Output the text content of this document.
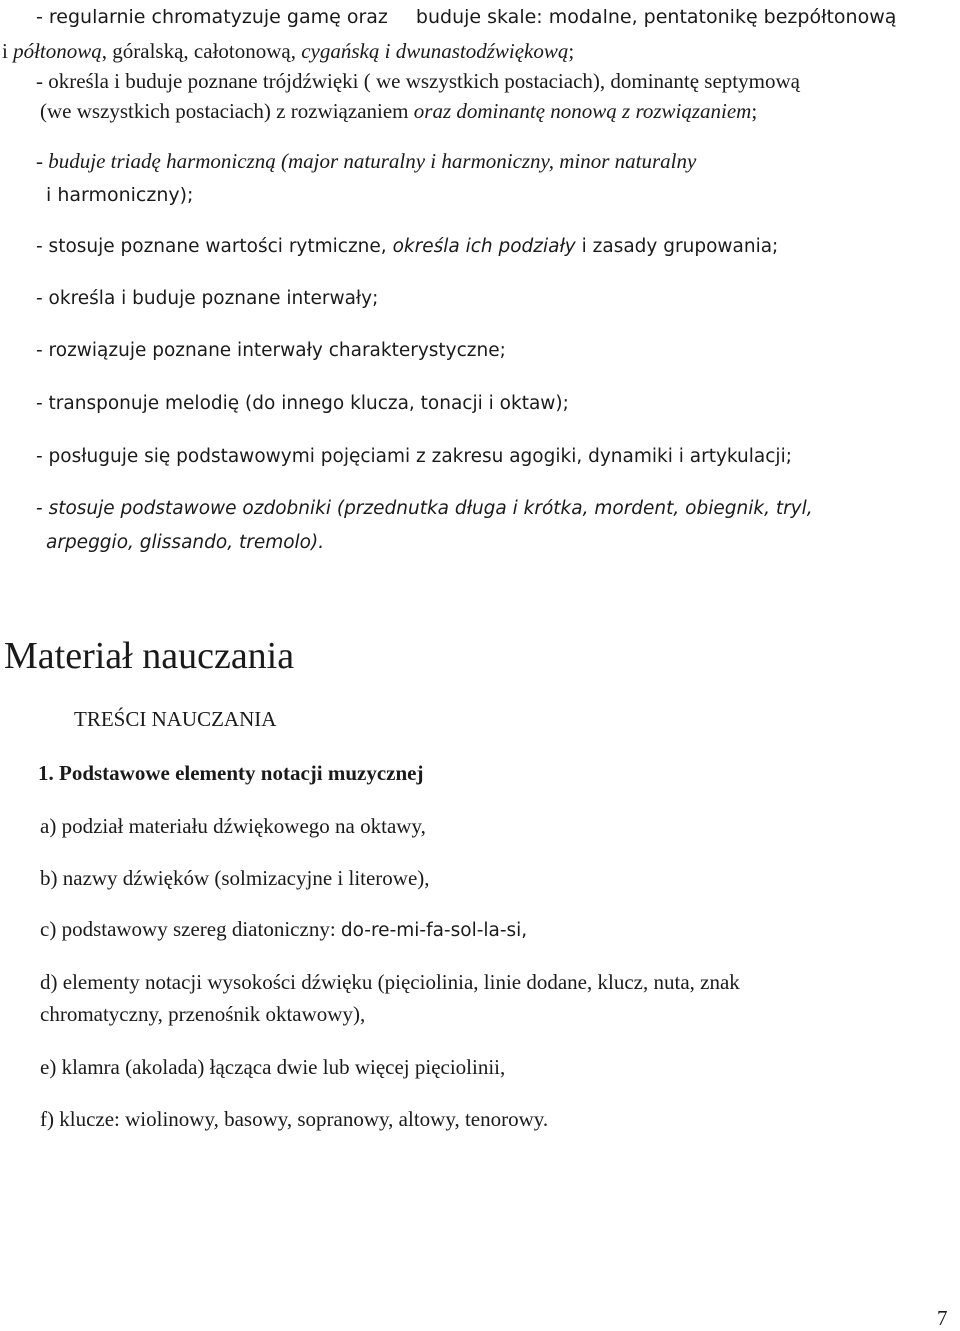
- regularnie chromatyzuje gamę oraz buduje skale: modalne, pentatonikę bezpółtonową
i półtonową, góralską, całotonową, cygańską i dwunastodźwiękową;
- określa i buduje poznane trójdźwięki ( we wszystkich postaciach), dominantę septymową
(we wszystkich postaciach) z rozwiązaniem oraz dominantę nonową z rozwiązaniem;
- buduje triadę harmoniczną (major naturalny i harmoniczny, minor naturalny
i harmoniczny);
- stosuje poznane wartości rytmiczne, określa ich podziały i zasady grupowania;
- określa i buduje poznane interwały;
- rozwiązuje poznane interwały charakterystyczne;
- transponuje melodię (do innego klucza, tonacji i oktaw);
- posługuje się podstawowymi pojęciami z zakresu agogiki, dynamiki i artykulacji;
- stosuje podstawowe ozdobniki (przednutka długa i krótka, mordent, obiegnik, tryl,
arpeggio, glissando, tremolo).
Materiał nauczania
TREŚCI NAUCZANIA
1. Podstawowe elementy notacji muzycznej
a) podział materiału dźwiękowego na oktawy,
b) nazwy dźwięków (solmizacyjne i literowe),
c) podstawowy szereg diatoniczny: do-re-mi-fa-sol-la-si,
d) elementy notacji wysokości dźwięku (pięciolinia, linie dodane, klucz, nuta, znak
chromatyczny, przenośnik oktawowy),
e) klamra (akolada) łącząca dwie lub więcej pięciolinii,
f) klucze: wiolinowy, basowy, sopranowy, altowy, tenorowy.
7
